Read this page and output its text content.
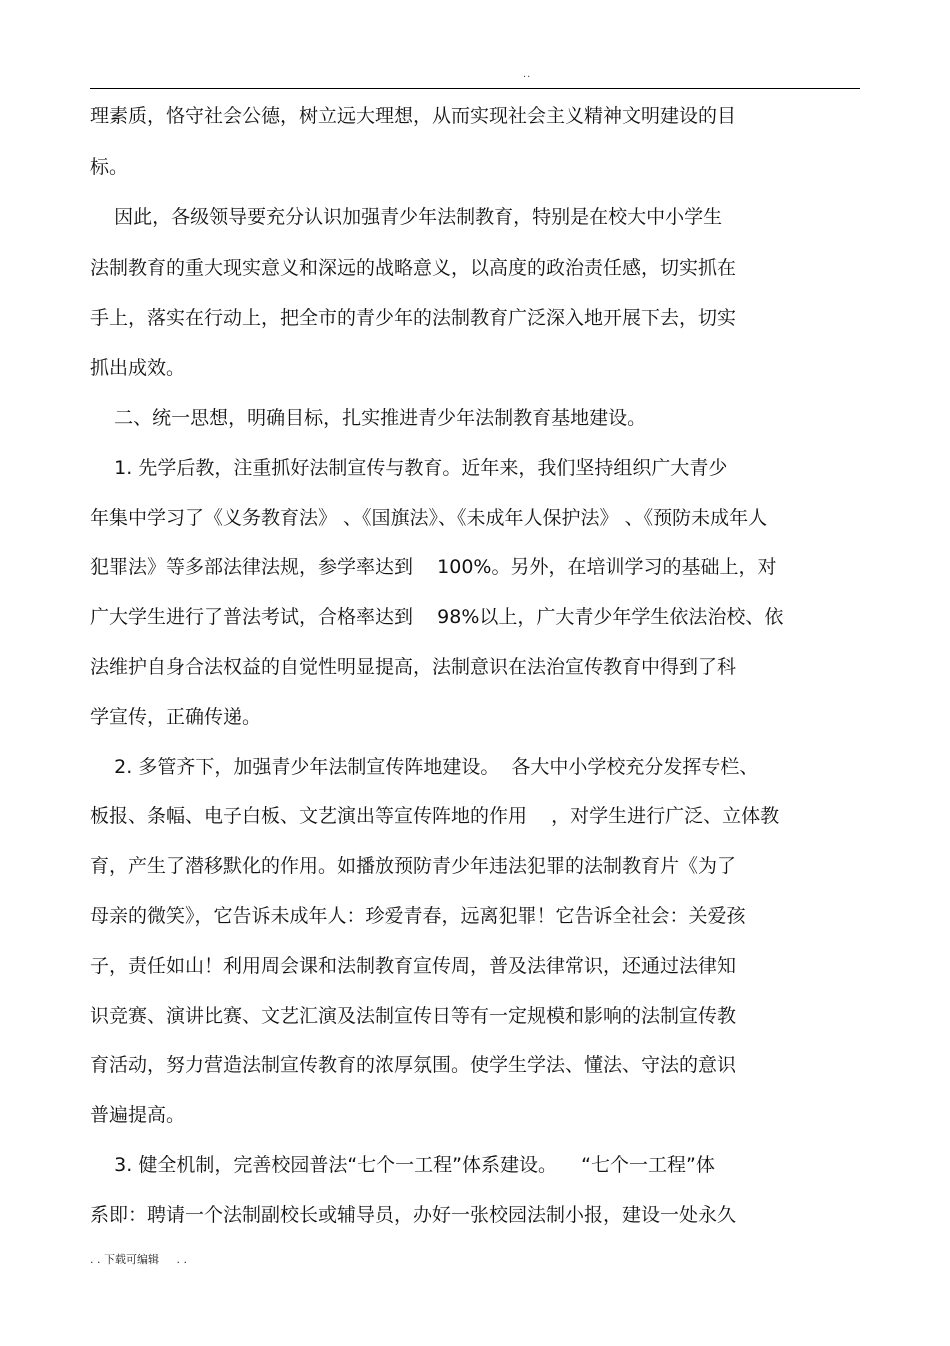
..
理素质，恪守社会公德，树立远大理想，从而实现社会主义精神文明建设的目
标。
因此，各级领导要充分认识加强青少年法制教育，特别是在校大中小学生
法制教育的重大现实意义和深远的战略意义，以高度的政治责任感，切实抓在
手上，落实在行动上，把全市的青少年的法制教育广泛深入地开展下去，切实
抓出成效。
二、统一思想，明确目标，扎实推进青少年法制教育基地建设。
1. 先学后教，注重抓好法制宣传与教育。近年来，我们坚持组织广大青少
年集中学习了《义务教育法》 、《国旗法》、《未成年人保护法》 、《预防未成年人
犯罪法》等多部法律法规，参学率达到    100%。另外，在培训学习的基础上，对
广大学生进行了普法考试，合格率达到    98%以上，广大青少年学生依法治校、依
法维护自身合法权益的自觉性明显提高，法制意识在法治宣传教育中得到了科
学宣传，正确传递。
2. 多管齐下，加强青少年法制宣传阵地建设。  各大中小学校充分发挥专栏、
板报、条幅、电子白板、文艺演出等宣传阵地的作用    ，对学生进行广泛、立体教
育，产生了潜移默化的作用。如播放预防青少年违法犯罪的法制教育片《为了
母亲的微笑》，它告诉未成年人：珍爱青春，远离犯罪！它告诉全社会：关爱孩
子，责任如山！利用周会课和法制教育宣传周，普及法律常识，还通过法律知
识竞赛、演讲比赛、文艺汇演及法制宣传日等有一定规模和影响的法制宣传教
育活动，努力营造法制宣传教育的浓厚氛围。使学生学法、懂法、守法的意识
普遍提高。
3. 健全机制，完善校园普法“七个一工程”体系建设。    “七个一工程”体
系即：聘请一个法制副校长或辅导员，办好一张校园法制小报，建设一处永久
. . 下载可编辑     . .
